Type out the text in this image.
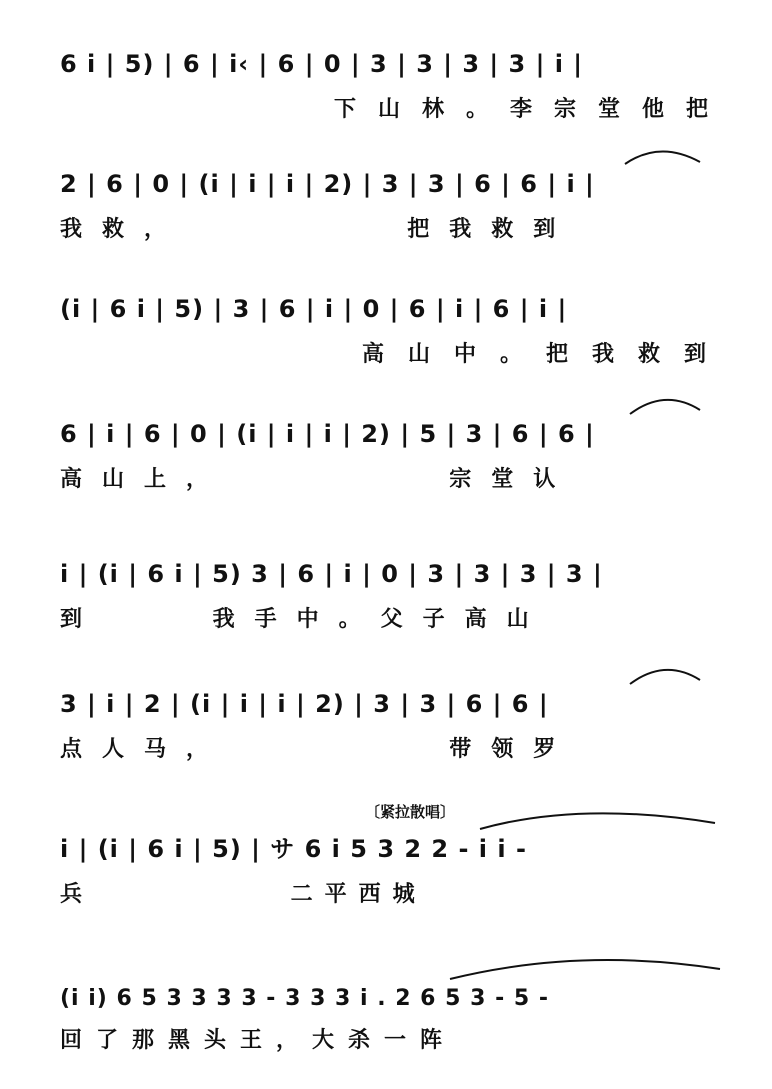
6 i | 5) | 6 | i‹ | 6 | 0 | 3 | 3 | 3 | 3 | i |
下山林。李宗堂他把
2 | 6 | 0 | (i | i | i | 2) | 3 | 3 | 6 | 6 | i |
我救，        把我救到
(i | 6 i | 5) | 3 | 6 | i | 0 | 6 | i | 6 | i |
高山中。把我救到
6 | i | 6 | 0 | (i | i | i | 2) | 5 | 3 | 6 | 6 |
高山上，        宗堂认
i | (i | 6 i | 5) 3 | 6 | i | 0 | 3 | 3 | 3 | 3 |
到    我手中。父子高山
3 | i | 2 | (i | i | i | 2) | 3 | 3 | 6 | 6 |
点人马，        带领罗
〔紧拉散唱〕
i | (i | 6 i | 5) | サ 6 i 5 3 2 2 - i i -
兵          二平西城
(i i) 6 5 3 3 3 3 - 3 3 3 i . 2 6 5 3 - 5 -
回了那黑头王，大杀一阵
